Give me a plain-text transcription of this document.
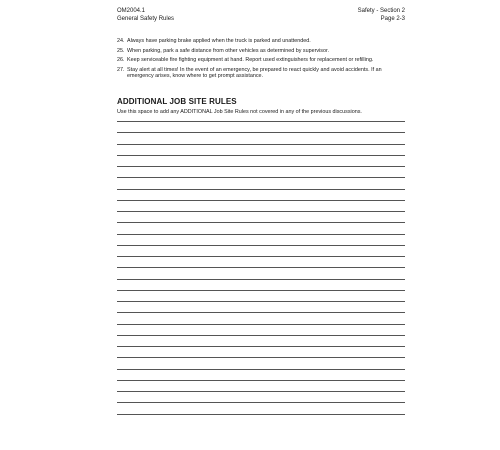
OM2004.1
General Safety Rules
Safety - Section 2
Page 2-3
24. Always have parking brake applied when the truck is parked and unattended.
25. When parking, park a safe distance from other vehicles as determined by supervisor.
26. Keep serviceable fire fighting equipment at hand. Report used extinguishers for replacement or refilling.
27. Stay alert at all times! In the event of an emergency, be prepared to react quickly and avoid accidents. If an emergency arises, know where to get prompt assistance.
ADDITIONAL JOB SITE RULES
Use this space to add any ADDITIONAL Job Site Rules not covered in any of the previous discussions.
